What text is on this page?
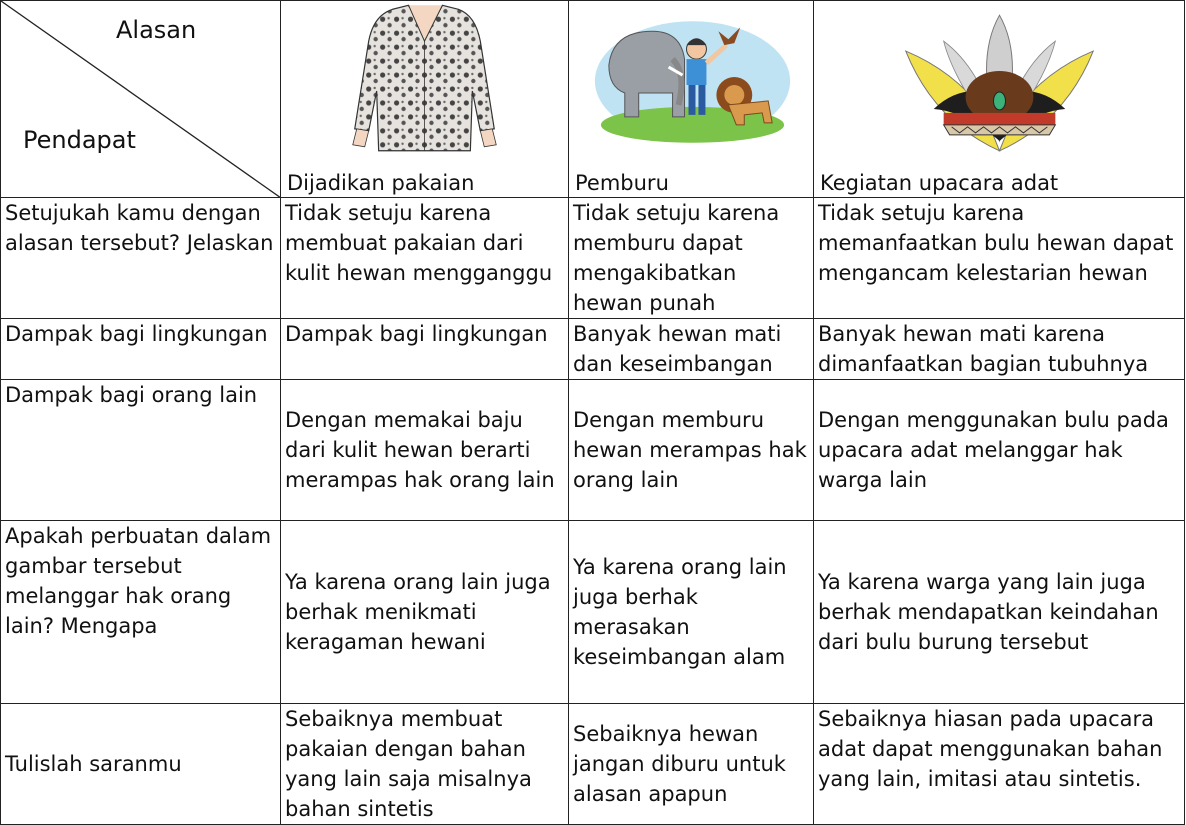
Alasan
Pendapat	Dijadikan pakaian	Pemburu	Kegiatan upacara adat

Setujukah kamu dengan alasan tersebut? Jelaskan	Tidak setuju karena membuat pakaian dari kulit hewan mengganggu	Tidak setuju karena memburu dapat mengakibatkan hewan punah	Tidak setuju karena memanfaatkan bulu hewan dapat mengancam kelestarian hewan
Dampak bagi lingkungan	Dampak bagi lingkungan	Banyak hewan mati dan keseimbangan	Banyak hewan mati karena dimanfaatkan bagian tubuhnya
Dampak bagi orang lain	Dengan memakai baju dari kulit hewan berarti merampas hak orang lain	Dengan memburu hewan merampas hak orang lain	Dengan menggunakan bulu pada upacara adat melanggar hak warga lain
Apakah perbuatan dalam gambar tersebut melanggar hak orang lain? Mengapa	Ya karena orang lain juga berhak menikmati keragaman hewani	Ya karena orang lain juga berhak merasakan keseimbangan alam	Ya karena warga yang lain juga berhak mendapatkan keindahan dari bulu burung tersebut
Tulislah saranmu	Sebaiknya membuat pakaian dengan bahan yang lain saja misalnya bahan sintetis	Sebaiknya hewan jangan diburu untuk alasan apapun	Sebaiknya hiasan pada upacara adat dapat menggunakan bahan yang lain, imitasi atau sintetis.
